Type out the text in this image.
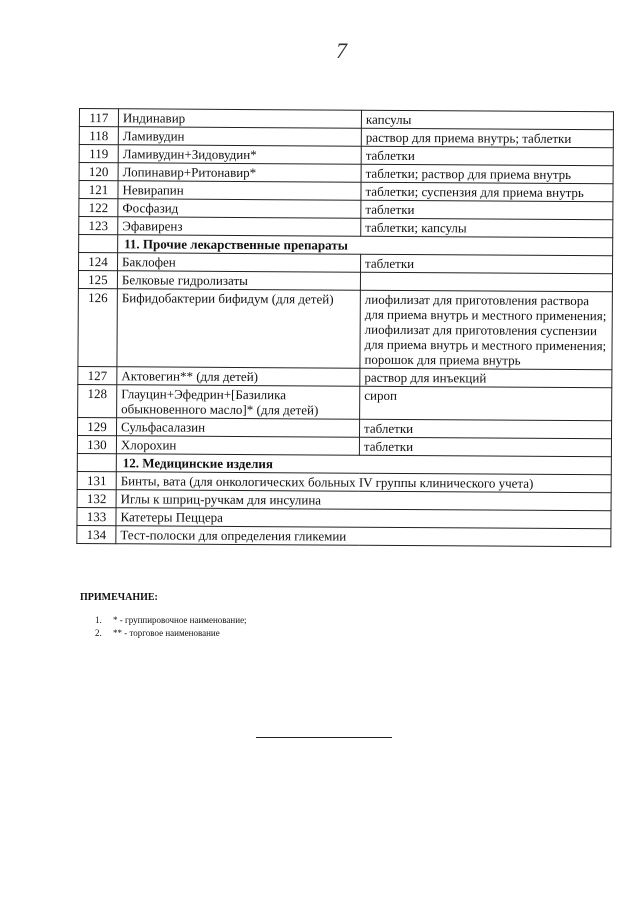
7
117	Индинавир	капсулы
118	Ламивудин	раствор для приема внутрь; таблетки
119	Ламивудин+Зидовудин*	таблетки
120	Лопинавир+Ритонавир*	таблетки; раствор для приема внутрь
121	Невирапин	таблетки; суспензия для приема внутрь
122	Фосфазид	таблетки
123	Эфавиренз	таблетки; капсулы
	11. Прочие лекарственные препараты	
124	Баклофен	таблетки
125	Белковые гидролизаты	
126	Бифидобактерии бифидум (для детей)	лиофилизат для приготовления раствора для приема внутрь и местного применения; лиофилизат для приготовления суспензии для приема внутрь и местного применения; порошок для приема внутрь
127	Актовегин** (для детей)	раствор для инъекций
128	Глауцин+Эфедрин+[Базилика обыкновенного масло]* (для детей)	сироп
129	Сульфасалазин	таблетки
130	Хлорохин	таблетки
	12. Медицинские изделия	
131	Бинты, вата (для онкологических больных IV группы клинического учета)	
132	Иглы к шприц-ручкам для инсулина	
133	Катетеры Пеццера	
134	Тест-полоски для определения гликемии	
ПРИМЕЧАНИЕ:
1. * - группировочное наименование;
2. ** - торговое наименование
